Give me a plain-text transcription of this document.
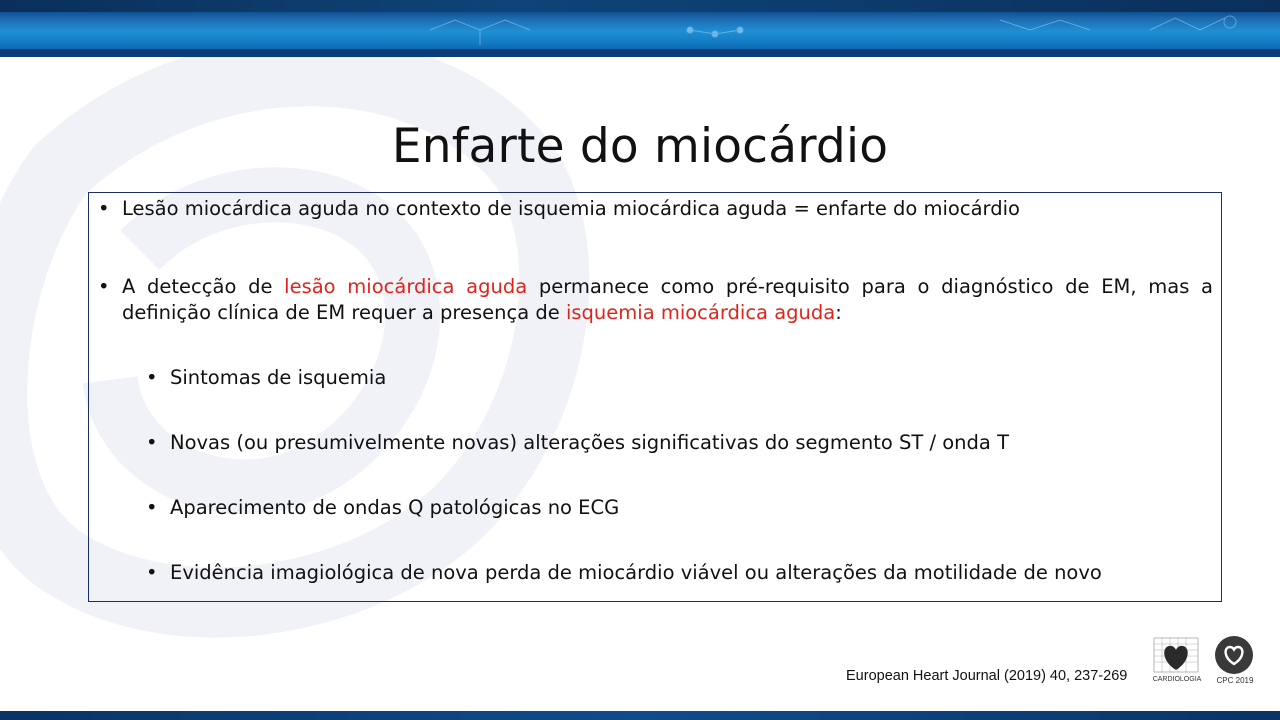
Enfarte do miocárdio
• Lesão miocárdica aguda no contexto de isquemia miocárdica aguda = enfarte do miocárdio
• A detecção de lesão miocárdica aguda permanece como pré-requisito para o diagnóstico de EM, mas a definição clínica de EM requer a presença de isquemia miocárdica aguda:
• Sintomas de isquemia
• Novas (ou presumivelmente novas) alterações significativas do segmento ST / onda T
• Aparecimento de ondas Q patológicas no ECG
• Evidência imagiológica de nova perda de miocárdio viável ou alterações da motilidade de novo
European Heart Journal (2019) 40, 237-269	CARDIOLOGIA	CPC 2019
